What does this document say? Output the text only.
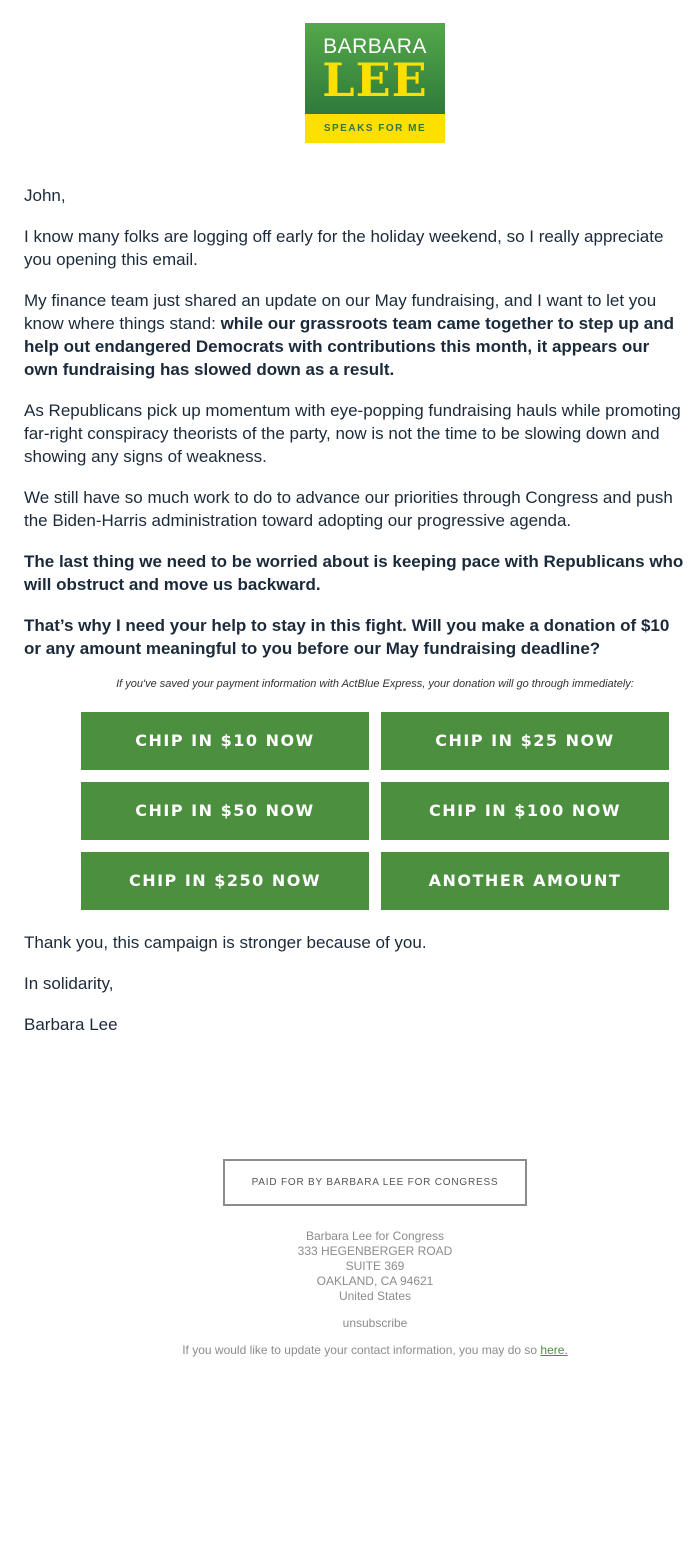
BARBARA
LEE
SPEAKS FOR ME

John,

I know many folks are logging off early for the holiday weekend, so I really appreciate

you opening this email.

My finance team just shared an update on our May fundraising, and I want to let you

know where things stand: while our grassroots team came together to step up and

help out endangered Democrats with contributions this month, it appears our

own fundraising has slowed down as a result.

As Republicans pick up momentum with eye-popping fundraising hauls while promoting

far-right conspiracy theorists of the party, now is not the time to be slowing down and

showing any signs of weakness.

We still have so much work to do to advance our priorities through Congress and push

the Biden-Harris administration toward adopting our progressive agenda.

The last thing we need to be worried about is keeping pace with Republicans who

will obstruct and move us backward.

That’s why I need your help to stay in this fight. Will you make a donation of $10

or any amount meaningful to you before our May fundraising deadline?

If you've saved your payment information with ActBlue Express, your donation will go through immediately:
CHIP IN $10 NOW	CHIP IN $25 NOW
CHIP IN $50 NOW	CHIP IN $100 NOW
CHIP IN $250 NOW	ANOTHER AMOUNT
Thank you, this campaign is stronger because of you.
In solidarity,
Barbara Lee
PAID FOR BY BARBARA LEE FOR CONGRESS
Barbara Lee for Congress
333 HEGENBERGER ROAD
SUITE 369
OAKLAND, CA 94621
United States
unsubscribe
If you would like to update your contact information, you may do so here.
